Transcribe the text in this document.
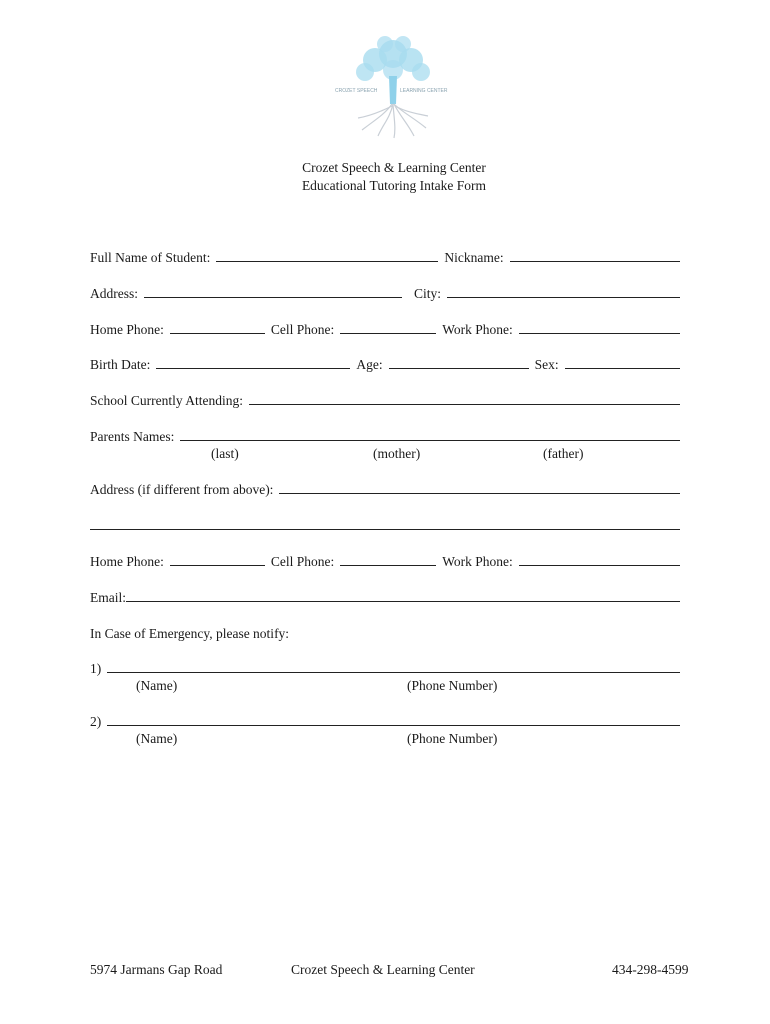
CROZET SPEECH	LEARNING CENTER
Crozet Speech & Learning Center
Educational Tutoring Intake Form
Full Name of Student:	Nickname:
Address:	City:
Home Phone:	Cell Phone:	Work Phone:
Birth Date:	Age:	Sex:
School Currently Attending:
Parents Names:
(last)	(mother)	(father)
Address (if different from above):
Home Phone:	Cell Phone:	Work Phone:
Email:
In Case of Emergency, please notify:
1)
(Name)	(Phone Number)
2)
(Name)	(Phone Number)
5974 Jarmans Gap Road	Crozet Speech & Learning Center	434-298-4599
